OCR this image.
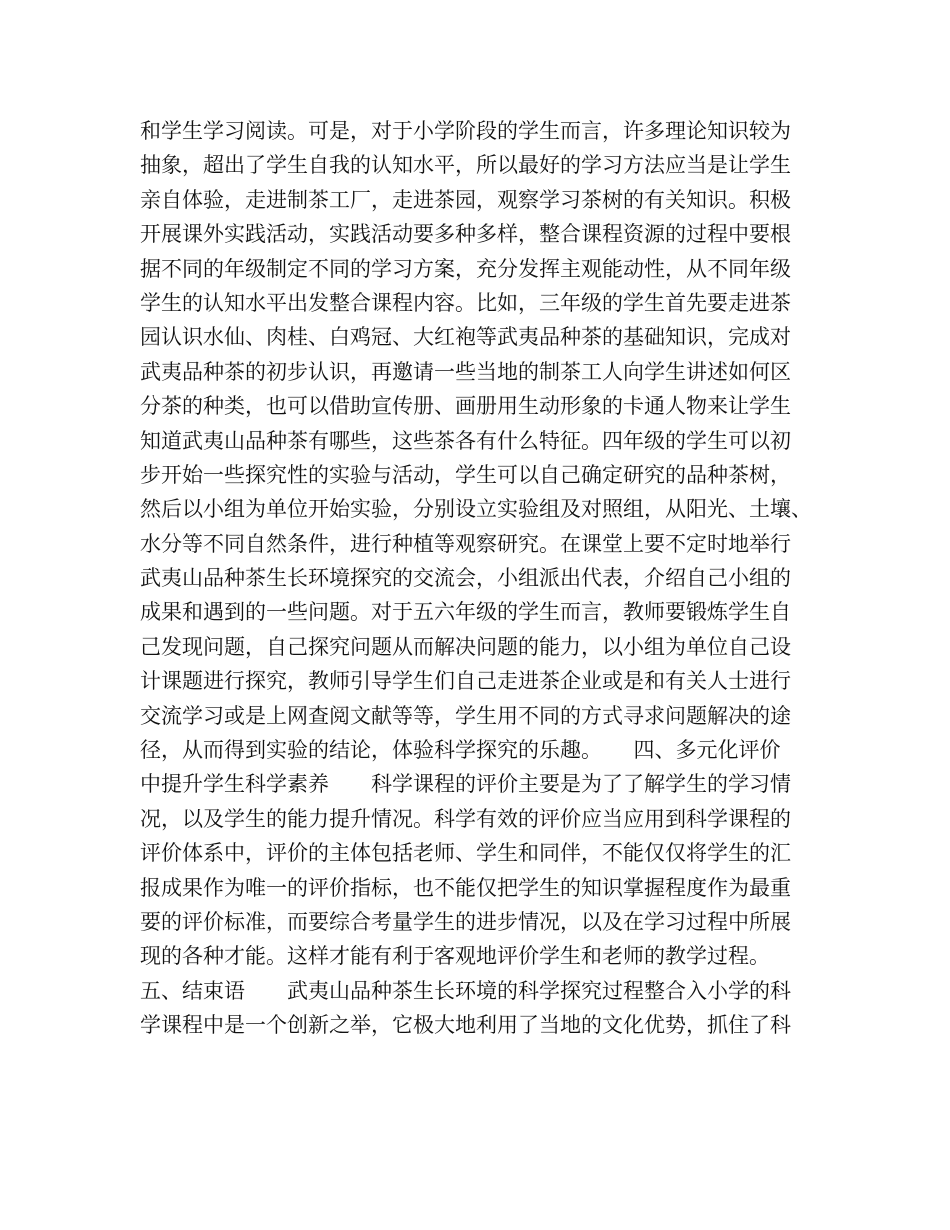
和学生学习阅读。可是，对于小学阶段的学生而言，许多理论知识较为
抽象，超出了学生自我的认知水平，所以最好的学习方法应当是让学生
亲自体验，走进制茶工厂，走进茶园，观察学习茶树的有关知识。积极
开展课外实践活动，实践活动要多种多样，整合课程资源的过程中要根
据不同的年级制定不同的学习方案，充分发挥主观能动性，从不同年级
学生的认知水平出发整合课程内容。比如，三年级的学生首先要走进茶
园认识水仙、肉桂、白鸡冠、大红袍等武夷品种茶的基础知识，完成对
武夷品种茶的初步认识，再邀请一些当地的制茶工人向学生讲述如何区
分茶的种类，也可以借助宣传册、画册用生动形象的卡通人物来让学生
知道武夷山品种茶有哪些，这些茶各有什么特征。四年级的学生可以初
步开始一些探究性的实验与活动，学生可以自己确定研究的品种茶树，
然后以小组为单位开始实验，分别设立实验组及对照组，从阳光、土壤、
水分等不同自然条件，进行种植等观察研究。在课堂上要不定时地举行
武夷山品种茶生长环境探究的交流会，小组派出代表，介绍自己小组的
成果和遇到的一些问题。对于五六年级的学生而言，教师要锻炼学生自
己发现问题，自己探究问题从而解决问题的能力，以小组为单位自己设
计课题进行探究，教师引导学生们自己走进茶企业或是和有关人士进行
交流学习或是上网查阅文献等等，学生用不同的方式寻求问题解决的途
径，从而得到实验的结论，体验科学探究的乐趣。　　四、多元化评价
中提升学生科学素养　　科学课程的评价主要是为了了解学生的学习情
况，以及学生的能力提升情况。科学有效的评价应当应用到科学课程的
评价体系中，评价的主体包括老师、学生和同伴，不能仅仅将学生的汇
报成果作为唯一的评价指标，也不能仅把学生的知识掌握程度作为最重
要的评价标准，而要综合考量学生的进步情况，以及在学习过程中所展
现的各种才能。这样才能有利于客观地评价学生和老师的教学过程。
五、结束语　　武夷山品种茶生长环境的科学探究过程整合入小学的科
学课程中是一个创新之举，它极大地利用了当地的文化优势，抓住了科
